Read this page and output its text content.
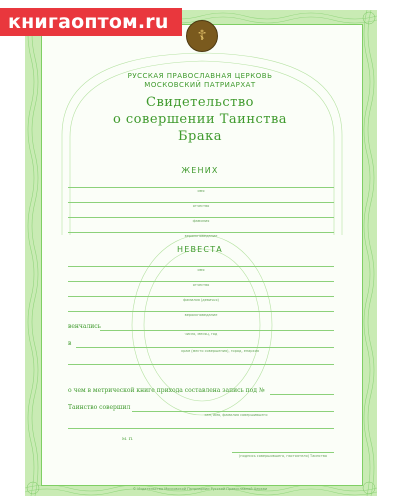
книгаоптом.ru
☦
РУССКАЯ ПРАВОСЛАВНАЯ ЦЕРКОВЬ
МОСКОВСКИЙ ПАТРИАРХАТ
Свидетельство
о совершении Таинства
Брака
ЖЕНИХ
имя
отчество
фамилия
вероисповедание
НЕВЕСТА
имя
отчество
фамилия (девичья)
вероисповедание
венчались
число, месяц, год
в
храм (место совершения), город, епархия
о чем в метрической книге прихода составлена запись под №
Таинство совершил
сан, имя, фамилия совершившего
М. П.
(подпись совершившего, настоятеля) Таинство
© Издательство Московской Патриархии Русской Православной Церкви
